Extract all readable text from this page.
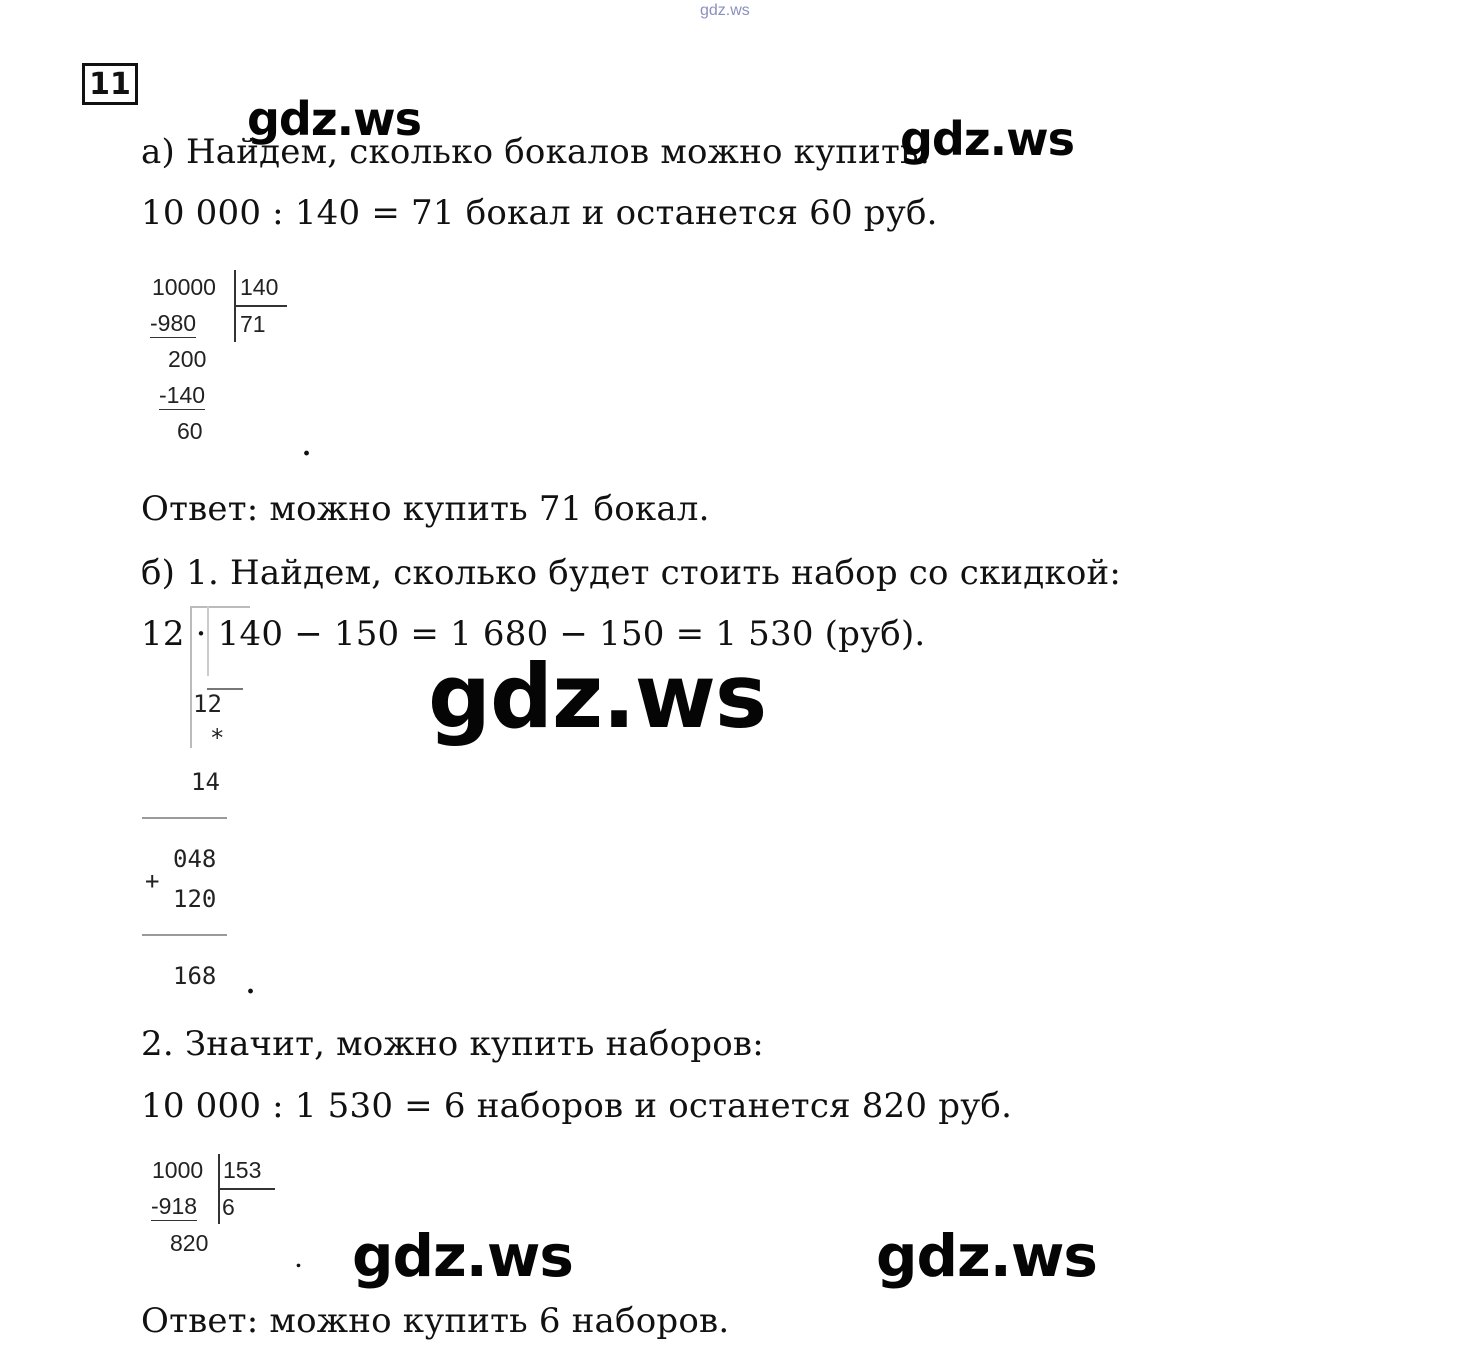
gdz.ws
11
gdz.ws
а) Найдем, сколько бокалов можно купить:
gdz.ws
10 000 : 140 = 71 бокал и останется 60 руб.
10000 140
-980 71
200
-140
60
.
Ответ: можно купить 71 бокал.
б) 1. Найдем, сколько будет стоить набор со скидкой:
12 · 140 − 150 = 1 680 − 150 = 1 530 (руб).
gdz.ws
12
*
14
048
+
120
168 .
2. Значит, можно купить наборов:
10 000 : 1 530 = 6 наборов и останется 820 руб.
1000 153
-918 6
820
. gdz.ws	gdz.ws
Ответ: можно купить 6 наборов.
